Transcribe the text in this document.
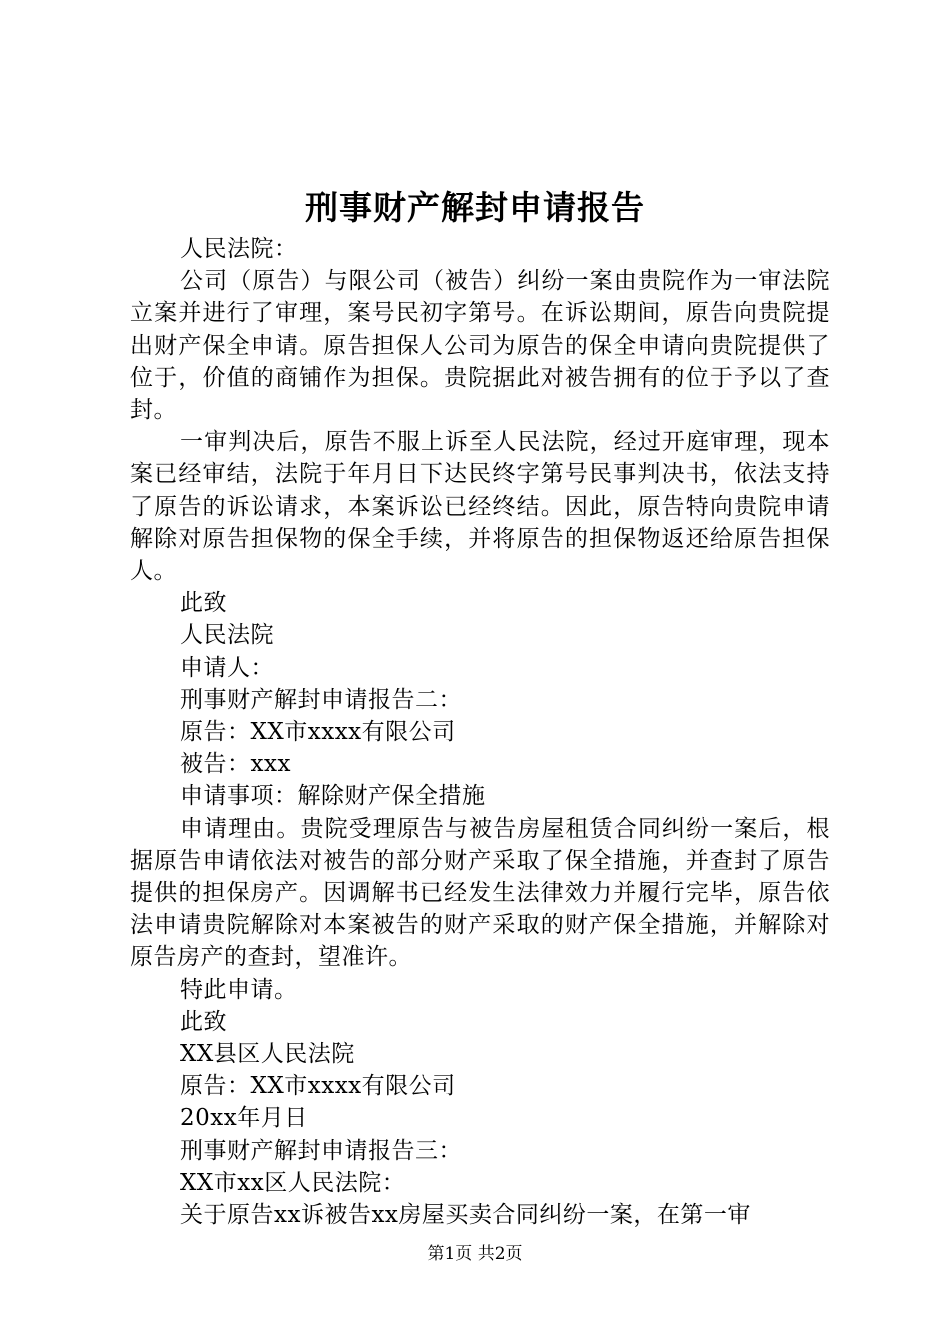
刑事财产解封申请报告

人民法院：

公司（原告）与限公司（被告）纠纷一案由贵院作为一审法院立案并进行了审理，案号民初字第号。在诉讼期间，原告向贵院提出财产保全申请。原告担保人公司为原告的保全申请向贵院提供了位于，价值的商铺作为担保。贵院据此对被告拥有的位于予以了查封。

一审判决后，原告不服上诉至人民法院，经过开庭审理，现本案已经审结，法院于年月日下达民终字第号民事判决书，依法支持了原告的诉讼请求，本案诉讼已经终结。因此，原告特向贵院申请解除对原告担保物的保全手续，并将原告的担保物返还给原告担保人。

此致

人民法院

申请人：

刑事财产解封申请报告二：

原告：XX市xxxx有限公司

被告：xxx

申请事项：解除财产保全措施

申请理由。贵院受理原告与被告房屋租赁合同纠纷一案后，根据原告申请依法对被告的部分财产采取了保全措施，并查封了原告提供的担保房产。因调解书已经发生法律效力并履行完毕，原告依法申请贵院解除对本案被告的财产采取的财产保全措施，并解除对原告房产的查封，望准许。

特此申请。

此致

XX县区人民法院

原告：XX市xxxx有限公司

20xx年月日

刑事财产解封申请报告三：

XX市xx区人民法院：

关于原告xx诉被告xx房屋买卖合同纠纷一案，在第一审

第1页 共2页
